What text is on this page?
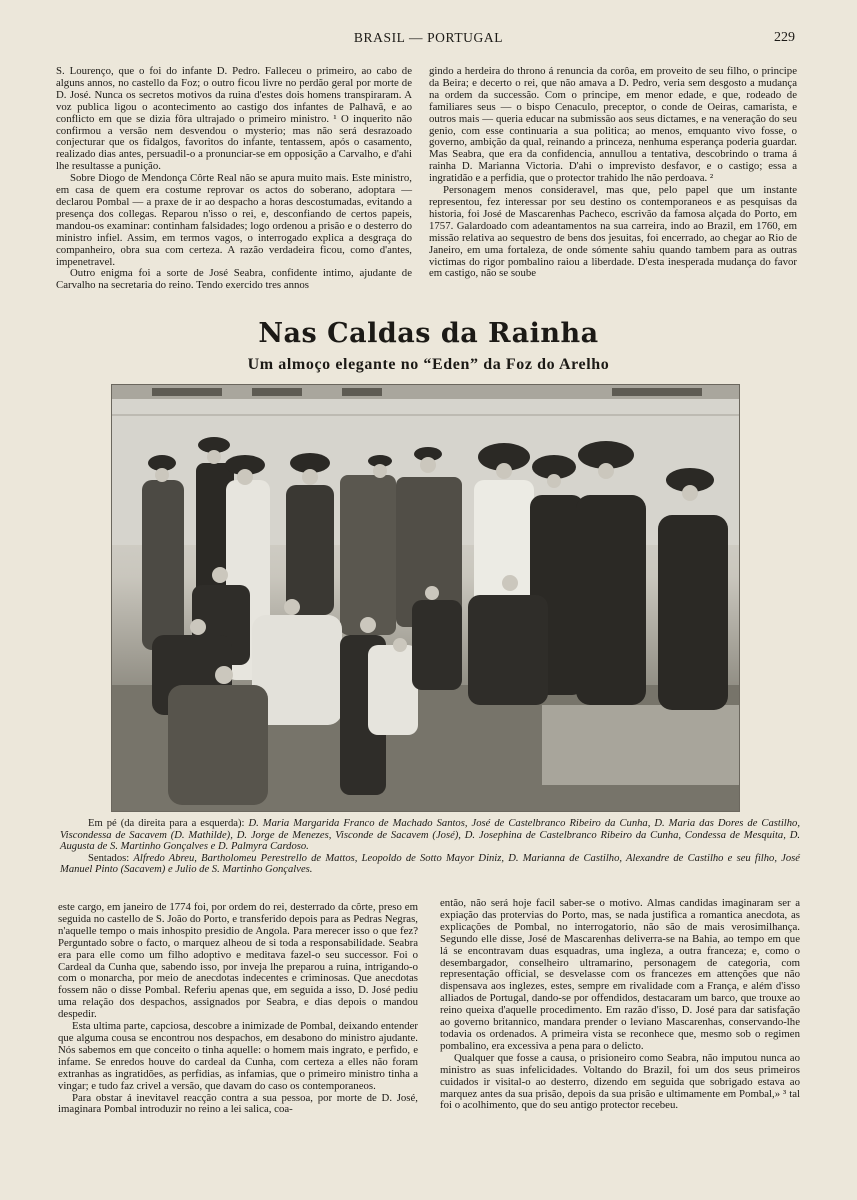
BRASIL — PORTUGAL	229

S. Lourenço, que o foi do infante D. Pedro. Falleceu o primeiro, ao cabo de alguns annos, no castello da Foz; o outro ficou livre no perdão geral por morte de D. José. Nunca os secretos motivos da ruina d'estes dois homens transpiraram. A voz publica ligou o acontecimento ao castigo dos infantes de Palhavã, e ao conflicto em que se dizia fôra ultrajado o primeiro ministro. ¹ O inquerito não confirmou a versão nem desvendou o mysterio; mas não será desrazoado conjecturar que os fidalgos, favoritos do infante, tentassem, após o casamento, realizado dias antes, persuadil-o a pronunciar-se em opposição a Carvalho, e d'ahi lhe resultasse a punição.

Sobre Diogo de Mendonça Côrte Real não se apura muito mais. Este ministro, em casa de quem era costume reprovar os actos do soberano, adoptara — declarou Pombal — a praxe de ir ao despacho a horas descostumadas, evitando a presença dos collegas. Reparou n'isso o rei, e, desconfiando de certos papeis, mandou-os examinar: continham falsidades; logo ordenou a prisão e o desterro do ministro infiel. Assim, em termos vagos, o interrogado explica a desgraça do companheiro, obra sua com certeza. A razão verdadeira ficou, como d'antes, impenetravel.

Outro enigma foi a sorte de José Seabra, confidente intimo, ajudante de Carvalho na secretaria do reino. Tendo exercido tres annos

gindo a herdeira do throno á renuncia da corôa, em proveito de seu filho, o principe da Beira; e decerto o rei, que não amava a D. Pedro, veria sem desgosto a mudança na ordem da successão. Com o principe, em menor edade, e que, rodeado de familiares seus — o bispo Cenaculo, preceptor, o conde de Oeiras, camarista, e outros mais — queria educar na submissão aos seus dictames, e na veneração do seu genio, com esse continuaria a sua politica; ao menos, emquanto vivo fosse, o governo, ambição da qual, reinando a princeza, nenhuma esperança poderia guardar. Mas Seabra, que era da confidencia, annullou a tentativa, descobrindo o trama á rainha D. Marianna Victoria. D'ahi o imprevisto desfavor, e o castigo; essa a ingratidão e a perfidia, que o protector trahido lhe não perdoava. ²

Personagem menos consideravel, mas que, pelo papel que um instante representou, fez interessar por seu destino os contemporaneos e as pesquisas da historia, foi José de Mascarenhas Pacheco, escrivão da famosa alçada do Porto, em 1757. Galardoado com adeantamentos na sua carreira, indo ao Brazil, em 1760, em missão relativa ao sequestro de bens dos jesuitas, foi encerrado, ao chegar ao Rio de Janeiro, em uma fortaleza, de onde sómente sahiu quando tambem para as outras victimas do rigor pombalino raiou a liberdade. D'esta inesperada mudança do favor em castigo, não se soube

Nas Caldas da Rainha
Um almoço elegante no “Eden” da Foz do Arelho

Em pé (da direita para a esquerda): D. Maria Margarida Franco de Machado Santos, José de Castelbranco Ribeiro da Cunha, D. Maria das Dores de Castilho, Viscondessa de Sacavem (D. Mathilde), D. Jorge de Menezes, Visconde de Sacavem (José), D. Josephina de Castelbranco Ribeiro da Cunha, Condessa de Mesquita, D. Augusta de S. Martinho Gonçalves e D. Palmyra Cardoso.

Sentados: Alfredo Abreu, Bartholomeu Perestrello de Mattos, Leopoldo de Sotto Mayor Diniz, D. Marianna de Castilho, Alexandre de Castilho e seu filho, José Manuel Pinto (Sacavem) e Julio de S. Martinho Gonçalves.

este cargo, em janeiro de 1774 foi, por ordem do rei, desterrado da côrte, preso em seguida no castello de S. João do Porto, e transferido depois para as Pedras Negras, n'aquelle tempo o mais inhospito presidio de Angola. Para merecer isso o que fez? Perguntado sobre o facto, o marquez alheou de si toda a responsabilidade. Seabra era para elle como um filho adoptivo e meditava fazel-o seu successor. Foi o Cardeal da Cunha que, sabendo isso, por inveja lhe preparou a ruina, intrigando-o com o monarcha, por meio de anecdotas indecentes e criminosas. Que anecdotas fossem não o disse Pombal. Referiu apenas que, em seguida a isso, D. José pediu uma relação dos despachos, assignados por Seabra, e dias depois o mandou despedir.

Esta ultima parte, capciosa, descobre a inimizade de Pombal, deixando entender que alguma cousa se encontrou nos despachos, em desabono do ministro ajudante. Nós sabemos em que conceito o tinha aquelle: o homem mais ingrato, e perfido, e infame. Se enredos houve do cardeal da Cunha, com certeza a elles não foram extranhas as ingratidões, as perfidias, as infamias, que o primeiro ministro tinha a vingar; e tudo faz crivel a versão, que davam do caso os contemporaneos.

Para obstar á inevitavel reacção contra a sua pessoa, por morte de D. José, imaginara Pombal introduzir no reino a lei salica, coa-

então, não será hoje facil saber-se o motivo. Almas candidas imaginaram ser a expiação das protervias do Porto, mas, se nada justifica a romantica anecdota, as explicações de Pombal, no interrogatorio, não são de mais verosimilhança. Segundo elle disse, José de Mascarenhas deliverra-se na Bahia, ao tempo em que lá se encontravam duas esquadras, uma ingleza, a outra franceza; e, como o desembargador, conselheiro ultramarino, personagem de categoria, com representação official, se desvelasse com os francezes em attenções que não dispensava aos inglezes, estes, sempre em rivalidade com a França, e além d'isso alliados de Portugal, dando-se por offendidos, destacaram um barco, que trouxe ao reino queixa d'aquelle procedimento. Em razão d'isso, D. José para dar satisfação ao governo britannico, mandara prender o leviano Mascarenhas, conservando-lhe todavia os ordenados. A primeira vista se reconhece que, mesmo sob o regimen pombalino, era excessiva a pena para o delicto.

Qualquer que fosse a causa, o prisioneiro como Seabra, não imputou nunca ao ministro as suas infelicidades. Voltando do Brazil, foi um dos seus primeiros cuidados ir visital-o ao desterro, dizendo em seguida que sobrigado estava ao marquez antes da sua prisão, depois da sua prisão e ultimamente em Pombal,» ³ tal foi o acolhimento, que do seu antigo protector recebeu.
